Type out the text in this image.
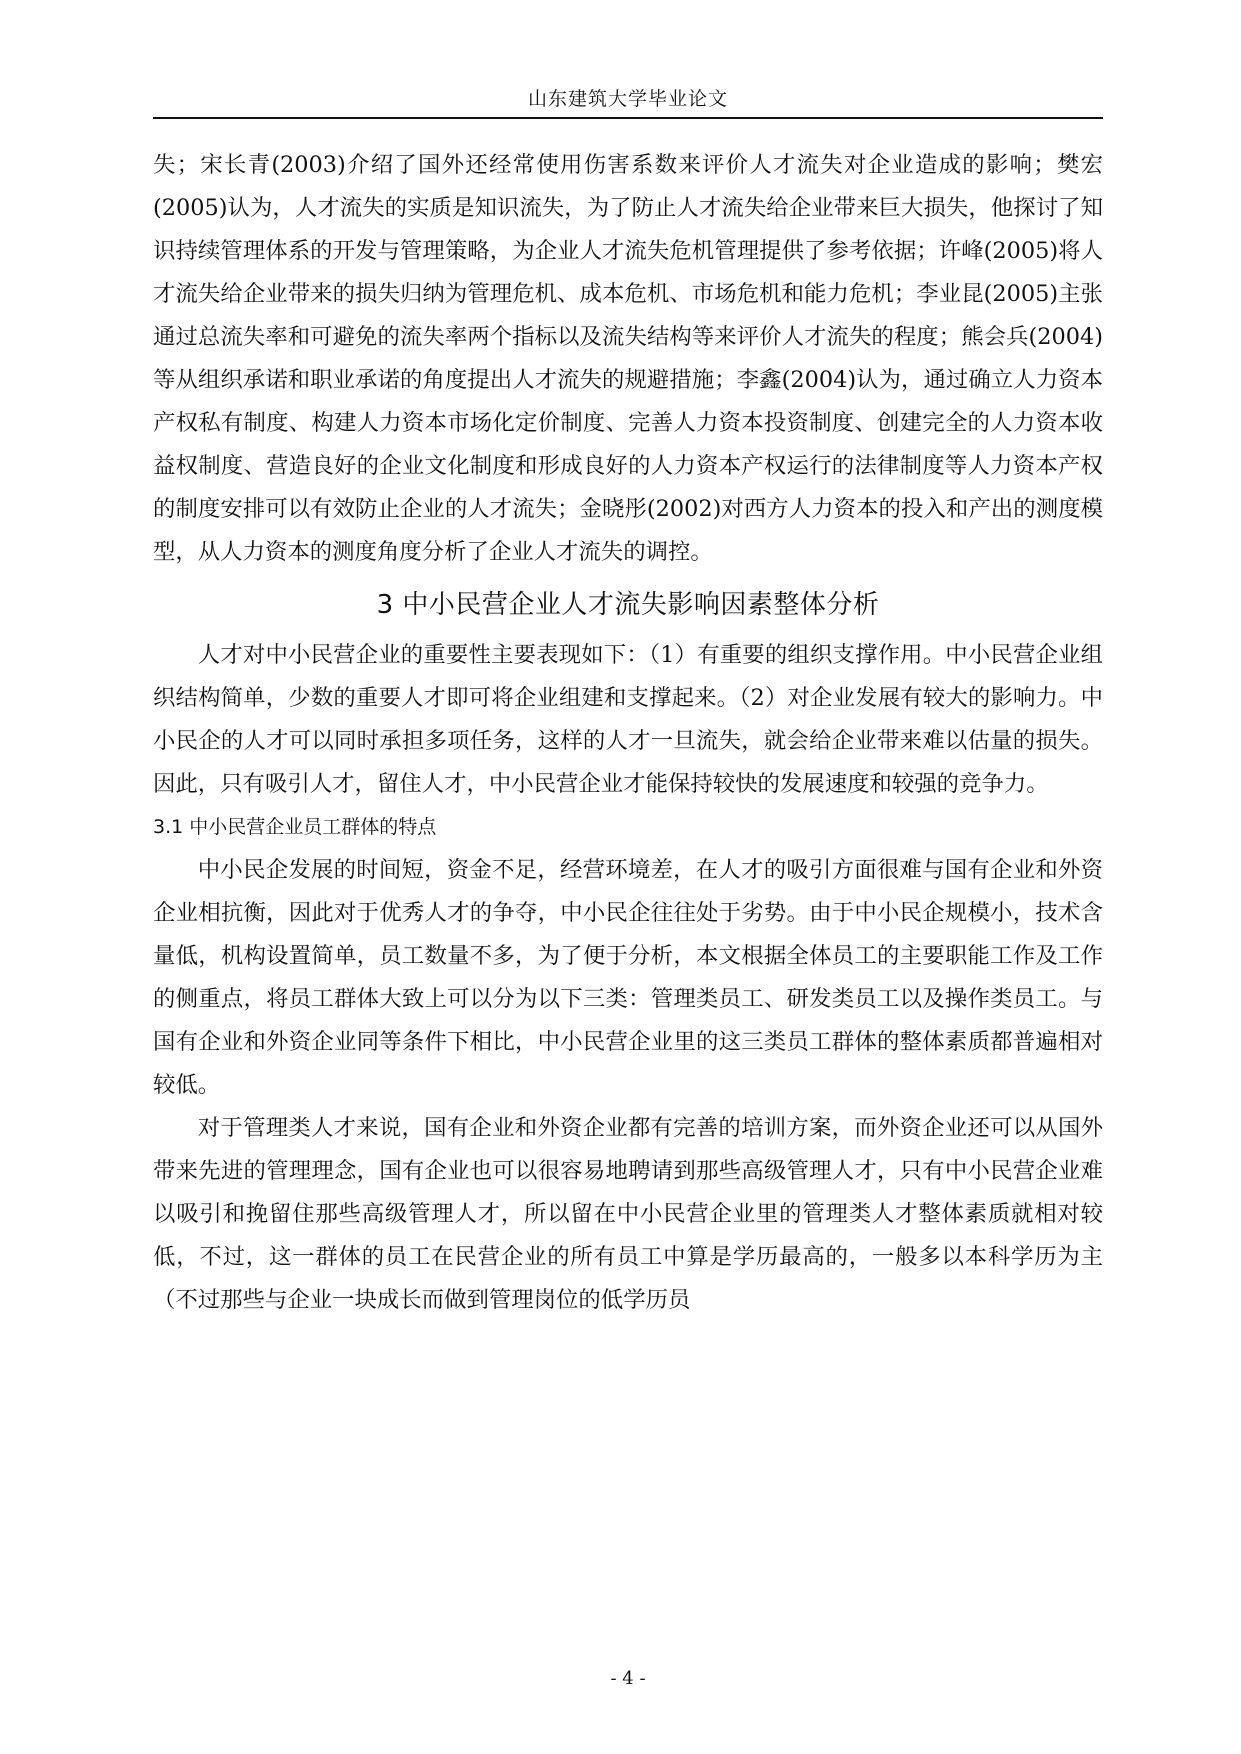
山东建筑大学毕业论文

失；宋长青(2003)介绍了国外还经常使用伤害系数来评价人才流失对企业造成的影响；樊宏(2005)认为，人才流失的实质是知识流失，为了防止人才流失给企业带来巨大损失，他探讨了知识持续管理体系的开发与管理策略，为企业人才流失危机管理提供了参考依据；许峰(2005)将人才流失给企业带来的损失归纳为管理危机、成本危机、市场危机和能力危机；李业昆(2005)主张通过总流失率和可避免的流失率两个指标以及流失结构等来评价人才流失的程度；熊会兵(2004)等从组织承诺和职业承诺的角度提出人才流失的规避措施；李鑫(2004)认为，通过确立人力资本产权私有制度、构建人力资本市场化定价制度、完善人力资本投资制度、创建完全的人力资本收益权制度、营造良好的企业文化制度和形成良好的人力资本产权运行的法律制度等人力资本产权的制度安排可以有效防止企业的人才流失；金晓彤(2002)对西方人力资本的投入和产出的测度模型，从人力资本的测度角度分析了企业人才流失的调控。

3 中小民营企业人才流失影响因素整体分析

人才对中小民营企业的重要性主要表现如下：（1）有重要的组织支撑作用。中小民营企业组织结构简单，少数的重要人才即可将企业组建和支撑起来。（2）对企业发展有较大的影响力。中小民企的人才可以同时承担多项任务，这样的人才一旦流失，就会给企业带来难以估量的损失。因此，只有吸引人才，留住人才，中小民营企业才能保持较快的发展速度和较强的竞争力。

3.1 中小民营企业员工群体的特点

中小民企发展的时间短，资金不足，经营环境差，在人才的吸引方面很难与国有企业和外资企业相抗衡，因此对于优秀人才的争夺，中小民企往往处于劣势。由于中小民企规模小，技术含量低，机构设置简单，员工数量不多，为了便于分析，本文根据全体员工的主要职能工作及工作的侧重点，将员工群体大致上可以分为以下三类：管理类员工、研发类员工以及操作类员工。与国有企业和外资企业同等条件下相比，中小民营企业里的这三类员工群体的整体素质都普遍相对较低。

对于管理类人才来说，国有企业和外资企业都有完善的培训方案，而外资企业还可以从国外带来先进的管理理念，国有企业也可以很容易地聘请到那些高级管理人才，只有中小民营企业难以吸引和挽留住那些高级管理人才，所以留在中小民营企业里的管理类人才整体素质就相对较低，不过，这一群体的员工在民营企业的所有员工中算是学历最高的，一般多以本科学历为主（不过那些与企业一块成长而做到管理岗位的低学历员

- 4 -
